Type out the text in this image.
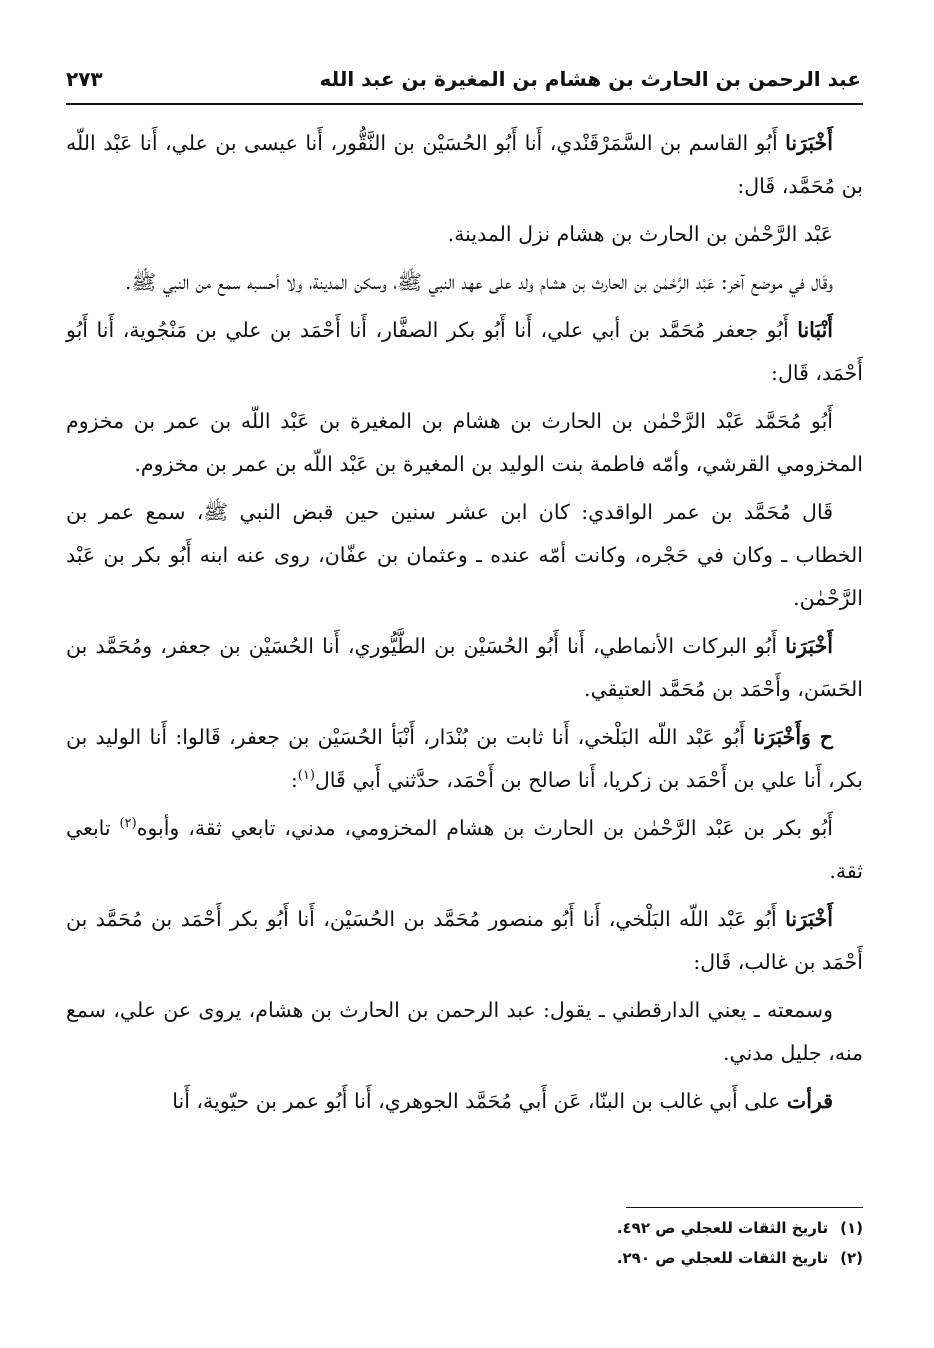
عبد الرحمن بن الحارث بن هشام بن المغيرة بن عبد الله
٢٧٣

أَخْبَرَنا أَبُو القاسم بن السَّمَرْقَنْدي، أَنا أَبُو الحُسَيْن بن النَّقُّور، أَنا عيسى بن علي، أَنا عَبْد اللّه بن مُحَمَّد، قَال:

عَبْد الرَّحْمٰن بن الحارث بن هشام نزل المدينة.

وقَال في موضع آخر: عَبْد الرَّحْمٰن بن الحارث بن هشام ولد على عهد النبي ﷺ، وسكن المدينة، ولا أحسبه سمع من النبي ﷺ.

أَنْبَانا أَبُو جعفر مُحَمَّد بن أبي علي، أَنا أَبُو بكر الصفَّار، أَنا أَحْمَد بن علي بن مَنْجُوية، أَنا أَبُو أَحْمَد، قَال:

أَبُو مُحَمَّد عَبْد الرَّحْمٰن بن الحارث بن هشام بن المغيرة بن عَبْد اللّه بن عمر بن مخزوم المخزومي القرشي، وأمّه فاطمة بنت الوليد بن المغيرة بن عَبْد اللّه بن عمر بن مخزوم.

قَال مُحَمَّد بن عمر الواقدي: كان ابن عشر سنين حين قبض النبي ﷺ، سمع عمر بن الخطاب ـ وكان في حَجْره، وكانت أمّه عنده ـ وعثمان بن عفّان، روى عنه ابنه أَبُو بكر بن عَبْد الرَّحْمٰن.

أَخْبَرَنا أَبُو البركات الأنماطي، أَنا أَبُو الحُسَيْن بن الطَّيُّوري، أَنا الحُسَيْن بن جعفر، ومُحَمَّد بن الحَسَن، وأَحْمَد بن مُحَمَّد العتيقي.

ح وَأَخْبَرَنا أَبُو عَبْد اللّه البَلْخي، أَنا ثابت بن بُنْدَار، أَنْبَأ الحُسَيْن بن جعفر، قَالوا: أَنا الوليد بن بكر، أَنا علي بن أَحْمَد بن زكريا، أَنا صالح بن أَحْمَد، حدَّثني أَبي قَال$^{(١)}$:

أَبُو بكر بن عَبْد الرَّحْمٰن بن الحارث بن هشام المخزومي، مدني، تابعي ثقة، وأبوه$^{(٢)}$ تابعي ثقة.

أَخْبَرَنا أَبُو عَبْد اللّه البَلْخي، أَنا أَبُو منصور مُحَمَّد بن الحُسَيْن، أَنا أَبُو بكر أَحْمَد بن مُحَمَّد بن أَحْمَد بن غالب، قَال:

وسمعته ـ يعني الدارقطني ـ يقول: عبد الرحمن بن الحارث بن هشام، يروى عن علي، سمع منه، جليل مدني.

قرأت على أَبي غالب بن البنّا، عَن أَبي مُحَمَّد الجوهري، أَنا أَبُو عمر بن حيّوية، أَنا

(١)
تاريخ الثقات للعجلي ص ٤٩٢.
(٢)
تاريخ الثقات للعجلي ص ٢٩٠.
